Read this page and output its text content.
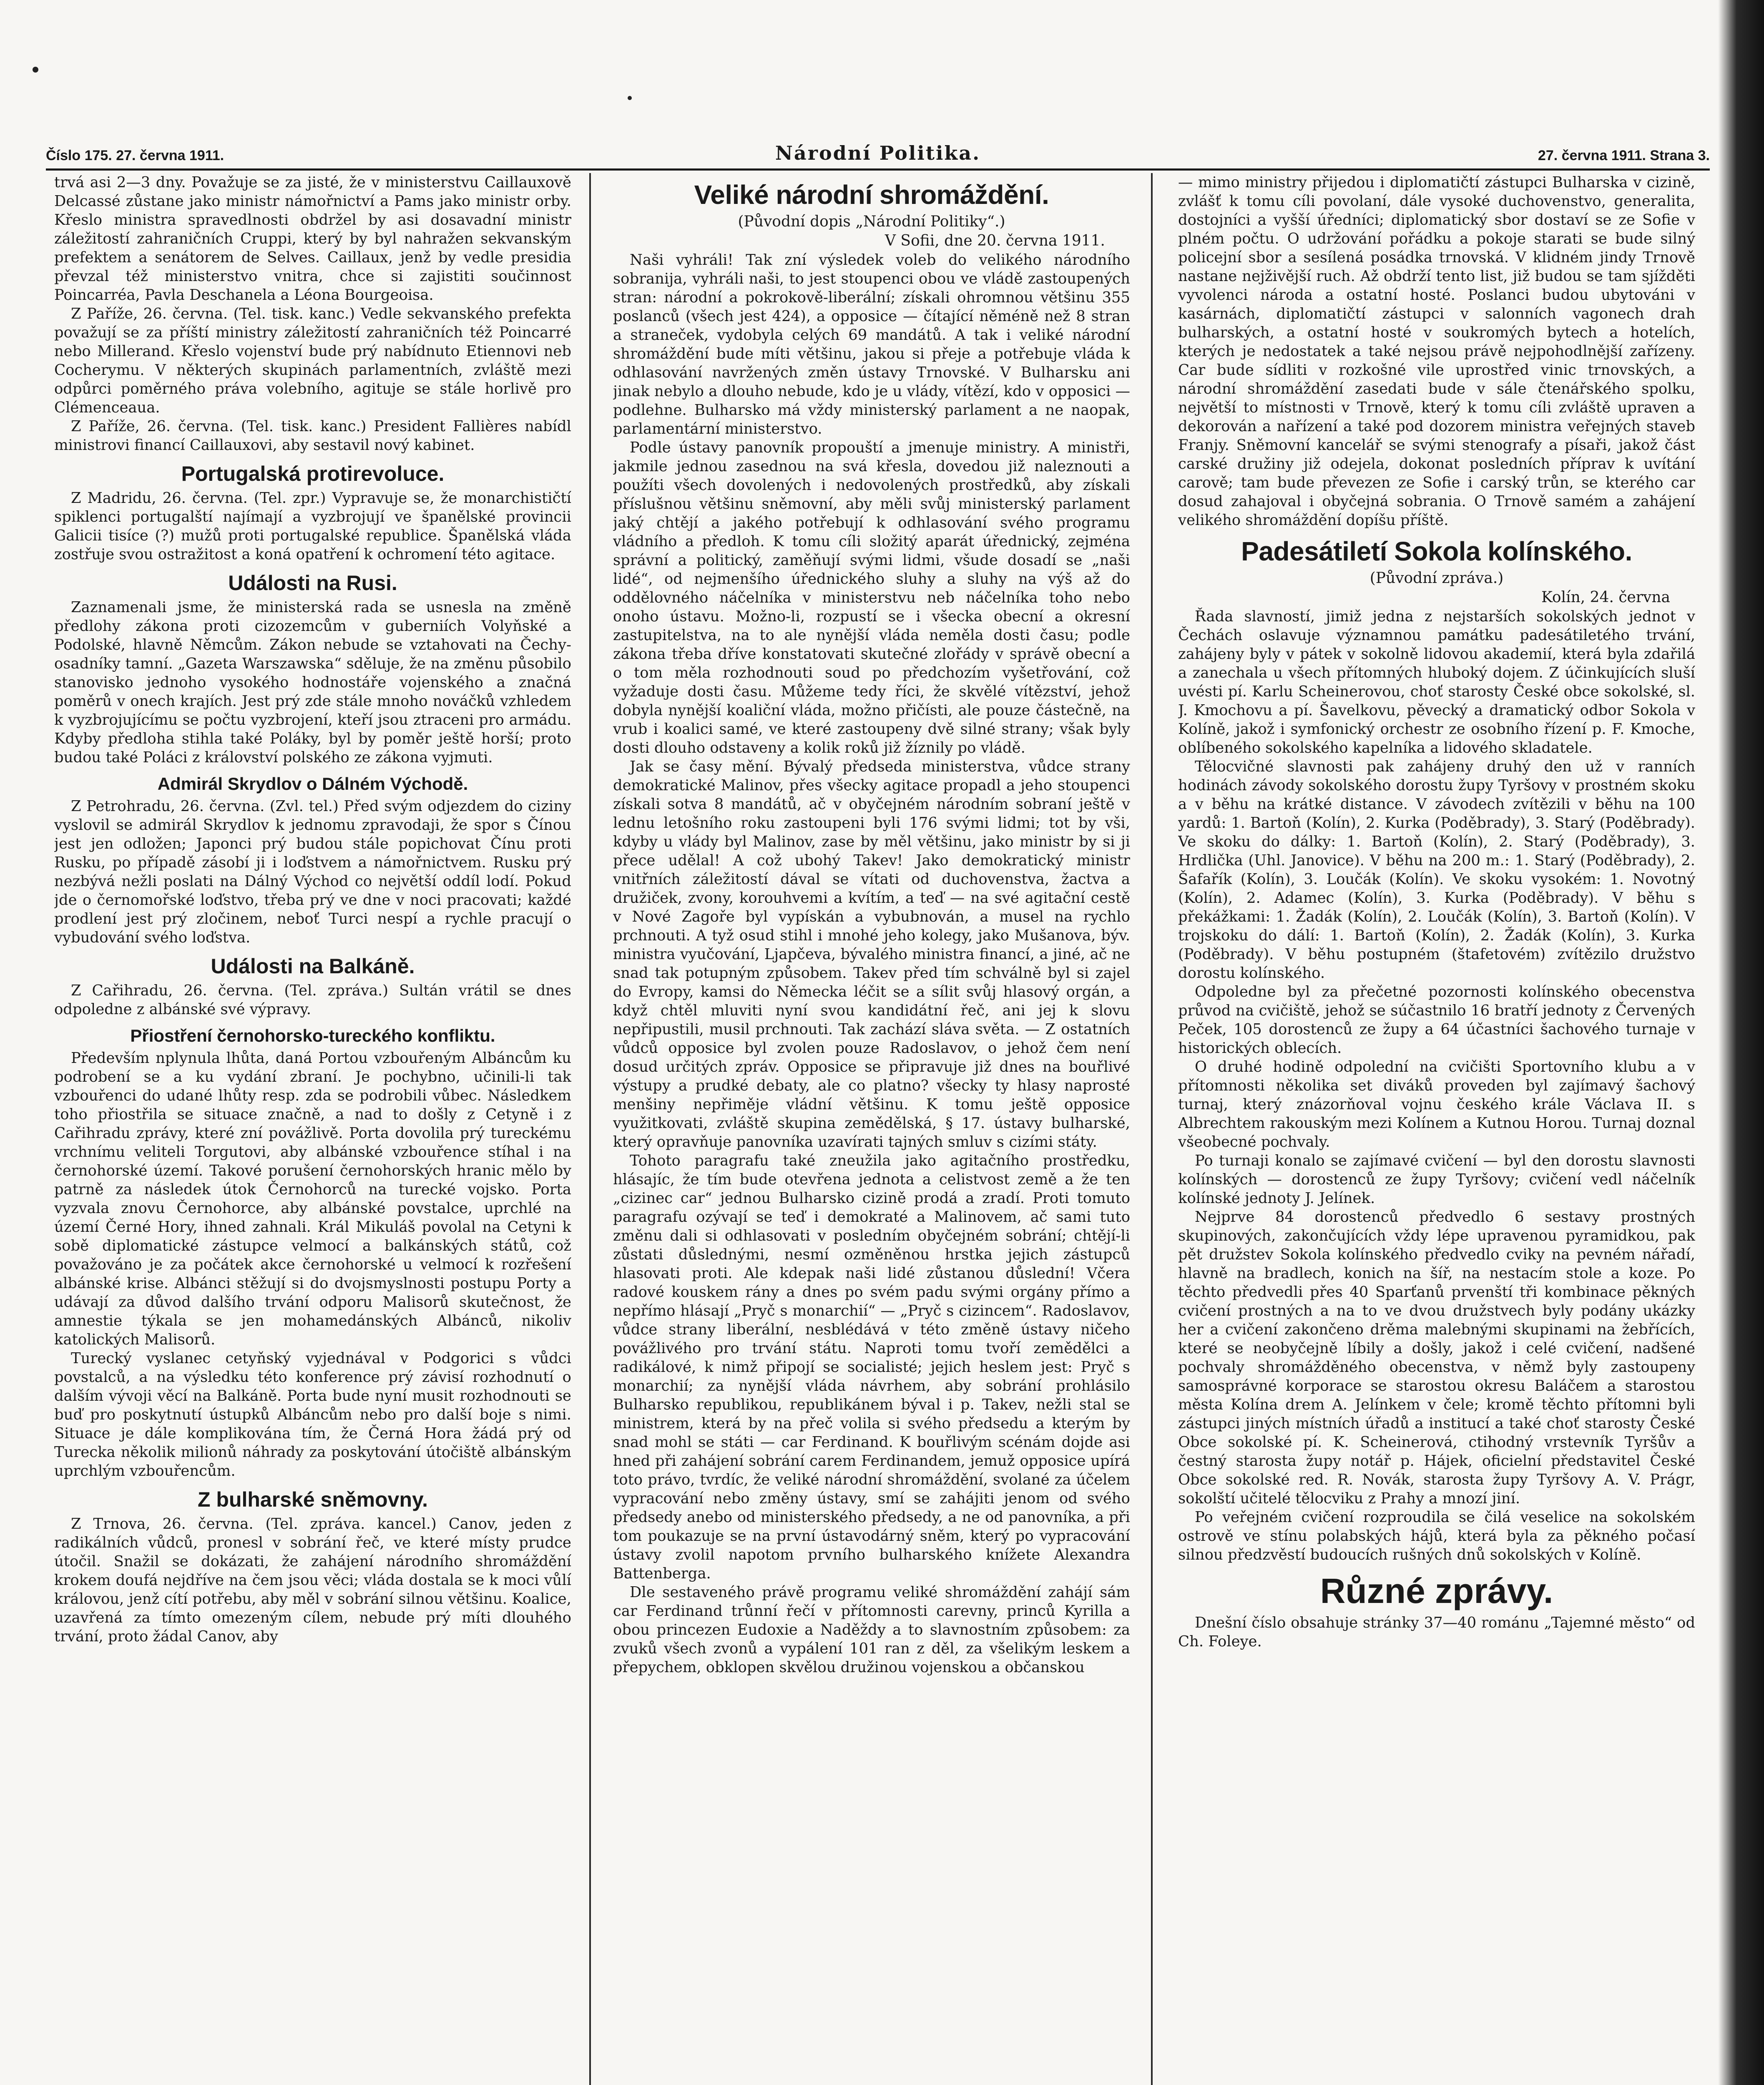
Číslo 175. 27. června 1911.	Národní Politika.	27. června 1911. Strana 3.

trvá asi 2—3 dny. Považuje se za jisté, že v ministerstvu Caillauxově Delcassé zůstane jako ministr námořnictví a Pams jako ministr orby. Křeslo ministra spravedlnosti obdržel by asi dosavadní ministr záležitostí zahraničních Cruppi, který by byl nahražen sekvanským prefektem a senátorem de Selves. Caillaux, jenž by vedle presidia převzal též ministerstvo vnitra, chce si zajistiti součinnost Poincarréa, Pavla Deschanela a Léona Bourgeoisa.

Z Paříže, 26. června. (Tel. tisk. kanc.) Vedle sekvanského prefekta považují se za příští ministry záležitostí zahraničních též Poincarré nebo Millerand. Křeslo vojenství bude prý nabídnuto Etiennovi neb Cocherymu. V některých skupinách parlamentních, zvláště mezi odpůrci poměrného práva volebního, agituje se stále horlivě pro Clémenceaua.

Z Paříže, 26. června. (Tel. tisk. kanc.) President Fallières nabídl ministrovi financí Caillauxovi, aby sestavil nový kabinet.

Portugalská protirevoluce.

Z Madridu, 26. června. (Tel. zpr.) Vypravuje se, že monarchističtí spiklenci portugalští najímají a vyzbrojují ve španělské provincii Galicii tisíce (?) mužů proti portugalské republice. Španělská vláda zostřuje svou ostražitost a koná opatření k ochromení této agitace.

Události na Rusi.

Zaznamenali jsme, že ministerská rada se usnesla na změně předlohy zákona proti cizozemcům v guberniích Volyňské a Podolské, hlavně Němcům. Zákon nebude se vztahovati na Čechy-osadníky tamní. „Gazeta Warszawska“ sděluje, že na změnu působilo stanovisko jednoho vysokého hodnostáře vojenského a značná poměrů v onech krajích. Jest prý zde stále mnoho nováčků vzhledem k vyzbrojujícímu se počtu vyzbrojení, kteří jsou ztraceni pro armádu. Kdyby předloha stihla také Poláky, byl by poměr ještě horší; proto budou také Poláci z království polského ze zákona vyjmuti.

Admirál Skrydlov o Dálném Východě.

Z Petrohradu, 26. června. (Zvl. tel.) Před svým odjezdem do ciziny vyslovil se admirál Skrydlov k jednomu zpravodaji, že spor s Čínou jest jen odložen; Japonci prý budou stále popichovat Čínu proti Rusku, po případě zásobí ji i loďstvem a námořnictvem. Rusku prý nezbývá nežli poslati na Dálný Východ co největší oddíl lodí. Pokud jde o černomořské loďstvo, třeba prý ve dne v noci pracovati; každé prodlení jest prý zločinem, neboť Turci nespí a rychle pracují o vybudování svého loďstva.

Události na Balkáně.

Z Cařihradu, 26. června. (Tel. zpráva.) Sultán vrátil se dnes odpoledne z albánské své výpravy.

Přiostření černohorsko-tureckého konfliktu.

Především nplynula lhůta, daná Portou vzbouřeným Albáncům ku podrobení se a ku vydání zbraní. Je pochybno, učinili-li tak vzbouřenci do udané lhůty resp. zda se podrobili vůbec. Následkem toho přiostřila se situace značně, a nad to došly z Cetyně i z Cařihradu zprávy, které zní povážlivě. Porta dovolila prý tureckému vrchnímu veliteli Torgutovi, aby albánské vzbouřence stíhal i na černohorské území. Takové porušení černohorských hranic mělo by patrně za následek útok Černohorců na turecké vojsko. Porta vyzvala znovu Černohorce, aby albánské povstalce, uprchlé na území Černé Hory, ihned zahnali. Král Mikuláš povolal na Cetyni k sobě diplomatické zástupce velmocí a balkánských států, což považováno je za počátek akce černohorské u velmocí k rozřešení albánské krise. Albánci stěžují si do dvojsmyslnosti postupu Porty a udávají za důvod dalšího trvání odporu Malisorů skutečnost, že amnestie týkala se jen mohamedánských Albánců, nikoliv katolických Malisorů.

Turecký vyslanec cetyňský vyjednával v Podgorici s vůdci povstalců, a na výsledku této konference prý závisí rozhodnutí o dalším vývoji věcí na Balkáně. Porta bude nyní musit rozhodnouti se buď pro poskytnutí ústupků Albáncům nebo pro další boje s nimi. Situace je dále komplikována tím, že Černá Hora žádá prý od Turecka několik milionů náhrady za poskytování útočiště albánským uprchlým vzbouřencům.

Z bulharské sněmovny.

Z Trnova, 26. června. (Tel. zpráva. kancel.) Canov, jeden z radikálních vůdců, pronesl v sobrání řeč, ve které místy prudce útočil. Snažil se dokázati, že zahájení národního shromáždění krokem doufá nejdříve na čem jsou věci; vláda dostala se k moci vůlí královou, jenž cítí potřebu, aby měl v sobrání silnou většinu. Koalice, uzavřená za tímto omezeným cílem, nebude prý míti dlouhého trvání, proto žádal Canov, aby

Veliké národní shromáždění.
(Původní dopis „Národní Politiky“.)
V Sofii, dne 20. června 1911.

Naši vyhráli! Tak zní výsledek voleb do velikého národního sobranija, vyhráli naši, to jest stoupenci obou ve vládě zastoupených stran: národní a pokrokově-liberální; získali ohromnou většinu 355 poslanců (všech jest 424), a opposice — čítající něméně než 8 stran a straneček, vydobyla celých 69 mandátů. A tak i veliké národní shromáždění bude míti většinu, jakou si přeje a potřebuje vláda k odhlasování navržených změn ústavy Trnovské. V Bulharsku ani jinak nebylo a dlouho nebude, kdo je u vlády, vítězí, kdo v opposici — podlehne. Bulharsko má vždy ministerský parlament a ne naopak, parlamentární ministerstvo.

Podle ústavy panovník propouští a jmenuje ministry. A ministři, jakmile jednou zasednou na svá křesla, dovedou již naleznouti a použíti všech dovolených i nedovolených prostředků, aby získali příslušnou většinu sněmovní, aby měli svůj ministerský parlament jaký chtějí a jakého potřebují k odhlasování svého programu vládního a předloh. K tomu cíli složitý aparát úřednický, zejména správní a politický, zaměňují svými lidmi, všude dosadí se „naši lidé“, od nejmenšího úřednického sluhy a sluhy na výš až do oddělovného náčelníka v ministerstvu neb náčelníka toho nebo onoho ústavu. Možno-li, rozpustí se i všecka obecní a okresní zastupitelstva, na to ale nynější vláda neměla dosti času; podle zákona třeba dříve konstatovati skutečné zlořády v správě obecní a o tom měla rozhodnouti soud po předchozím vyšetřování, což vyžaduje dosti času. Můžeme tedy říci, že skvělé vítězství, jehož dobyla nynější koaliční vláda, možno přičísti, ale pouze částečně, na vrub i koalici samé, ve které zastoupeny dvě silné strany; však byly dosti dlouho odstaveny a kolik roků již žíznily po vládě.

Jak se časy mění. Bývalý předseda ministerstva, vůdce strany demokratické Malinov, přes všecky agitace propadl a jeho stoupenci získali sotva 8 mandátů, ač v obyčejném národním sobraní ještě v lednu letošního roku zastoupeni byli 176 svými lidmi; tot by vši, kdyby u vlády byl Malinov, zase by měl většinu, jako ministr by si ji přece udělal! A což ubohý Takev! Jako demokratický ministr vnitřních záležitostí dával se vítati od duchovenstva, žactva a družiček, zvony, korouhvemi a kvítím, a teď — na své agitační cestě v Nové Zagoře byl vypískán a vybubnován, a musel na rychlo prchnouti. A tyž osud stihl i mnohé jeho kolegy, jako Mušanova, býv. ministra vyučování, Ljapčeva, bývalého ministra financí, a jiné, ač ne snad tak potupným způsobem. Takev před tím schválně byl si zajel do Evropy, kamsi do Německa léčit se a sílit svůj hlasový orgán, a když chtěl mluviti nyní svou kandidátní řeč, ani jej k slovu nepřipustili, musil prchnouti. Tak zachází sláva světa. — Z ostatních vůdců opposice byl zvolen pouze Radoslavov, o jehož čem není dosud určitých zpráv. Opposice se připravuje již dnes na bouřlivé výstupy a prudké debaty, ale co platno? všecky ty hlasy naprosté menšiny nepřiměje vládní většinu. K tomu ještě opposice využitkovati, zvláště skupina zemědělská, § 17. ústavy bulharské, který opravňuje panovníka uzavírati tajných smluv s cizími státy.

Tohoto paragrafu také zneužila jako agitačního prostředku, hlásajíc, že tím bude otevřena jednota a celistvost země a že ten „cizinec car“ jednou Bulharsko cizině prodá a zradí. Proti tomuto paragrafu ozývají se teď i demokraté a Malinovem, ač sami tuto změnu dali si odhlasovati v posledním obyčejném sobrání; chtějí-li zůstati důslednými, nesmí ozměněnou hrstka jejich zástupců hlasovati proti. Ale kdepak naši lidé zůstanou důslední! Včera radové kouskem rány a dnes po svém padu svými orgány přímo a nepřímo hlásají „Pryč s monarchií“ — „Pryč s cizincem“. Radoslavov, vůdce strany liberální, nesblédává v této změně ústavy ničeho povážlivého pro trvání státu. Naproti tomu tvoří zemědělci a radikálové, k nimž připojí se socialisté; jejich heslem jest: Pryč s monarchií; za nynější vláda návrhem, aby sobrání prohlásilo Bulharsko republikou, republikánem býval i p. Takev, nežli stal se ministrem, která by na přeč volila si svého předsedu a kterým by snad mohl se státi — car Ferdinand. K bouřlivým scénám dojde asi hned při zahájení sobrání carem Ferdinandem, jemuž opposice upírá toto právo, tvrdíc, že veliké národní shromáždění, svolané za účelem vypracování nebo změny ústavy, smí se zahájiti jenom od svého předsedy anebo od ministerského předsedy, a ne od panovníka, a při tom poukazuje se na první ústavodárný sněm, který po vypracování ústavy zvolil napotom prvního bulharského knížete Alexandra Battenberga.

Dle sestaveného právě programu veliké shromáždění zahájí sám car Ferdinand trůnní řečí v přítomnosti carevny, princů Kyrilla a obou princezen Eudoxie a Naděždy a to slavnostním způsobem: za zvuků všech zvonů a vypálení 101 ran z děl, za všelikým leskem a přepychem, obklopen skvělou družinou vojenskou a občanskou

— mimo ministry přijedou i diplomatičtí zástupci Bulharska v cizině, zvlášť k tomu cíli povolaní, dále vysoké duchovenstvo, generalita, dostojníci a vyšší úředníci; diplomatický sbor dostaví se ze Sofie v plném počtu. O udržování pořádku a pokoje starati se bude silný policejní sbor a sesílená posádka trnovská. V klidném jindy Trnově nastane nejživější ruch. Až obdrží tento list, již budou se tam sjížděti vyvolenci národa a ostatní hosté. Poslanci budou ubytováni v kasárnách, diplomatičtí zástupci v salonních vagonech drah bulharských, a ostatní hosté v soukromých bytech a hotelích, kterých je nedostatek a také nejsou právě nejpohodlnější zařízeny. Car bude sídliti v rozkošné vile uprostřed vinic trnovských, a národní shromáždění zasedati bude v sále čtenářského spolku, největší to místnosti v Trnově, který k tomu cíli zvláště upraven a dekorován a nařízení a také pod dozorem ministra veřejných staveb Franjy. Sněmovní kancelář se svými stenografy a písaři, jakož část carské družiny již odejela, dokonat posledních příprav k uvítání carově; tam bude převezen ze Sofie i carský trůn, se kterého car dosud zahajoval i obyčejná sobrania. O Trnově samém a zahájení velikého shromáždění dopíšu příště.

Padesátiletí Sokola kolínského.
(Původní zpráva.)
Kolín, 24. června

Řada slavností, jimiž jedna z nejstarších sokolských jednot v Čechách oslavuje významnou památku padesátiletého trvání, zahájeny byly v pátek v sokolně lidovou akademií, která byla zdařilá a zanechala u všech přítomných hluboký dojem. Z účinkujících sluší uvésti pí. Karlu Scheinerovou, choť starosty České obce sokolské, sl. J. Kmochovu a pí. Šavelkovu, pěvecký a dramatický odbor Sokola v Kolíně, jakož i symfonický orchestr ze osobního řízení p. F. Kmoche, oblíbeného sokolského kapelníka a lidového skladatele.

Tělocvičné slavnosti pak zahájeny druhý den už v ranních hodinách závody sokolského dorostu župy Tyršovy v prostném skoku a v běhu na krátké distance. V závodech zvítězili v běhu na 100 yardů: 1. Bartoň (Kolín), 2. Kurka (Poděbrady), 3. Starý (Poděbrady). Ve skoku do dálky: 1. Bartoň (Kolín), 2. Starý (Poděbrady), 3. Hrdlička (Uhl. Janovice). V běhu na 200 m.: 1. Starý (Poděbrady), 2. Šafařík (Kolín), 3. Loučák (Kolín). Ve skoku vysokém: 1. Novotný (Kolín), 2. Adamec (Kolín), 3. Kurka (Poděbrady). V běhu s překážkami: 1. Žadák (Kolín), 2. Loučák (Kolín), 3. Bartoň (Kolín). V trojskoku do dálí: 1. Bartoň (Kolín), 2. Žadák (Kolín), 3. Kurka (Poděbrady). V běhu postupném (štafetovém) zvítězilo družstvo dorostu kolínského.

Odpoledne byl za přečetné pozornosti kolínského obecenstva průvod na cvičiště, jehož se súčastnilo 16 bratří jednoty z Červených Peček, 105 dorostenců ze župy a 64 účastníci šachového turnaje v historických oblecích.

O druhé hodině odpolední na cvičišti Sportovního klubu a v přítomnosti několika set diváků proveden byl zajímavý šachový turnaj, který znázorňoval vojnu českého krále Václava II. s Albrechtem rakouským mezi Kolínem a Kutnou Horou. Turnaj doznal všeobecné pochvaly.

Po turnaji konalo se zajímavé cvičení — byl den dorostu slavnosti kolínských — dorostenců ze župy Tyršovy; cvičení vedl náčelník kolínské jednoty J. Jelínek.

Nejprve 84 dorostenců předvedlo 6 sestavy prostných skupinových, zakončujících vždy lépe upravenou pyramidkou, pak pět družstev Sokola kolínského předvedlo cviky na pevném nářadí, hlavně na bradlech, konich na šíř, na nestacím stole a koze. Po těchto předvedli přes 40 Sparťanů prvenští tři kombinace pěkných cvičení prostných a na to ve dvou družstvech byly podány ukázky her a cvičení zakončeno drěma malebnými skupinami na žebřících, které se neobyčejně líbily a došly, jakož i celé cvičení, nadšené pochvaly shromážděného obecenstva, v němž byly zastoupeny samosprávné korporace se starostou okresu Baláčem a starostou města Kolína drem A. Jelínkem v čele; kromě těchto přítomni byli zástupci jiných místních úřadů a institucí a také choť starosty České Obce sokolské pí. K. Scheinerová, ctihodný vrstevník Tyršův a čestný starosta župy notář p. Hájek, oficielní představitel České Obce sokolské red. R. Novák, starosta župy Tyršovy A. V. Prágr, sokolští učitelé tělocviku z Prahy a mnozí jiní.

Po veřejném cvičení rozproudila se čilá veselice na sokolském ostrově ve stínu polabských hájů, která byla za pěkného počasí silnou předzvěstí budoucích rušných dnů sokolských v Kolíně.

Různé zprávy.

Dnešní číslo obsahuje stránky 37—40 románu „Tajemné město“ od Ch. Foleye.
